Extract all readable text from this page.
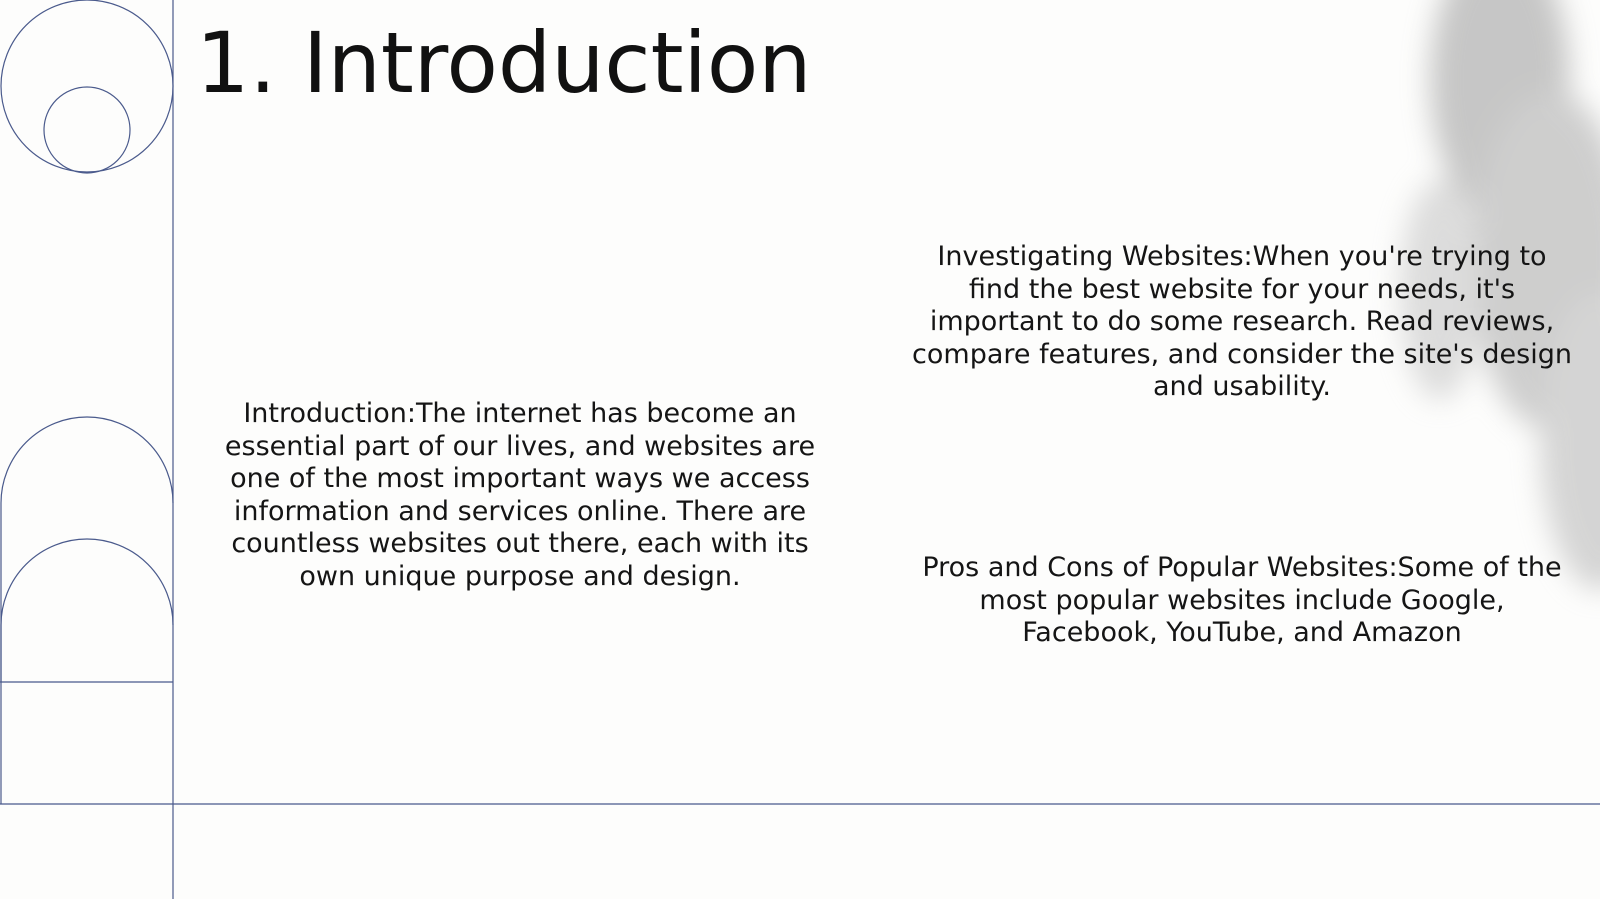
1. Introduction
Introduction:The internet has become an essential part of our lives, and websites are one of the most important ways we access information and services online. There are countless websites out there, each with its own unique purpose and design.
Investigating Websites:When you're trying to find the best website for your needs, it's important to do some research. Read reviews, compare features, and consider the site's design and usability.
Pros and Cons of Popular Websites:Some of the most popular websites include Google, Facebook, YouTube, and Amazon
